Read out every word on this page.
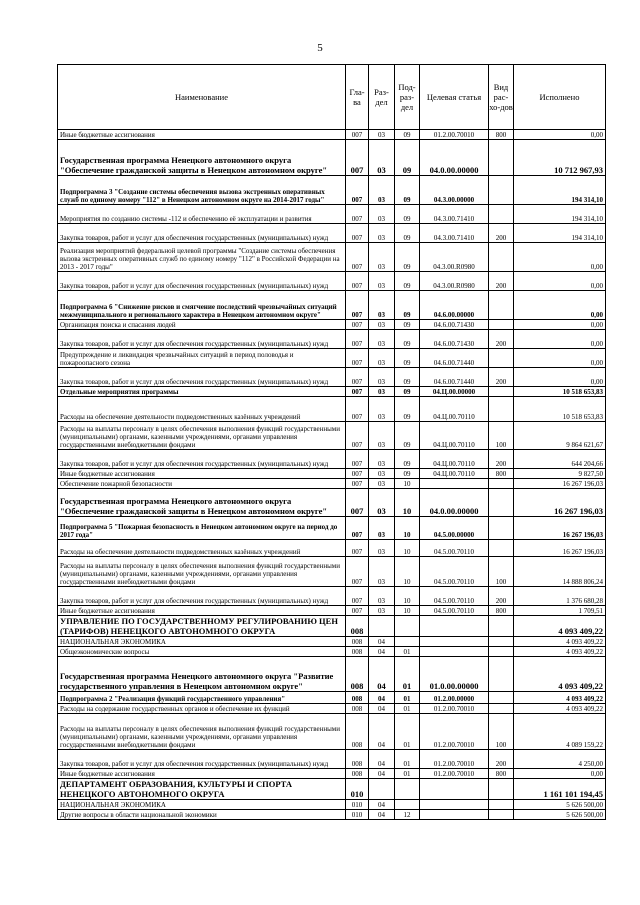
5
Наименование	Гла-ва	Раз-дел	Под-раз-дел	Целевая статья	Вид рас-хо-дов	Исполнено
Иные бюджетные ассигнования	007	03	09	01.2.00.70010	800	0,00
Государственная программа Ненецкого автономного округа "Обеспечение гражданской защиты в Ненецком автономном округе"	007	03	09	04.0.00.00000		10 712 967,93
Подпрограмма 3 "Создание системы обеспечения вызова экстренных оперативных служб по единому номеру "112" в Ненецком автономном округе на 2014-2017 годы"	007	03	09	04.3.00.00000		194 314,10
Мероприятия по созданию системы -112 и обеспечению её эксплуатации и развития	007	03	09	04.3.00.71410		194 314,10
Закупка товаров, работ и услуг для обеспечения государственных (муниципальных) нужд	007	03	09	04.3.00.71410	200	194 314,10
Реализация мероприятий федеральной целевой программы "Создание системы обеспечения вызова экстренных оперативных служб по единому номеру "112" в Российской Федерации на 2013 - 2017 годы"	007	03	09	04.3.00.R0980		0,00
Закупка товаров, работ и услуг для обеспечения государственных (муниципальных) нужд	007	03	09	04.3.00.R0980	200	0,00
Подпрограмма 6 "Снижение рисков и смягчение последствий чрезвычайных ситуаций межмуниципального и регионального характера в Ненецком автономном округе"	007	03	09	04.6.00.00000		0,00
Организация поиска и спасания людей	007	03	09	04.6.00.71430		0,00
Закупка товаров, работ и услуг для обеспечения государственных (муниципальных) нужд	007	03	09	04.6.00.71430	200	0,00
Предупреждение и ликвидация чрезвычайных ситуаций в период половодья и пожароопасного сезона	007	03	09	04.6.00.71440		0,00
Закупка товаров, работ и услуг для обеспечения государственных (муниципальных) нужд	007	03	09	04.6.00.71440	200	0,00
Отдельные мероприятия программы	007	03	09	04.Ц.00.00000		10 518 653,83
Расходы на обеспечение деятельности подведомственных казённых учреждений	007	03	09	04.Ц.00.70110		10 518 653,83
Расходы на выплаты персоналу в целях обеспечения выполнения функций государственными (муниципальными) органами, казенными учреждениями, органами управления государственными внебюджетными фондами	007	03	09	04.Ц.00.70110	100	9 864 621,67
Закупка товаров, работ и услуг для обеспечения государственных (муниципальных) нужд	007	03	09	04.Ц.00.70110	200	644 204,66
Иные бюджетные ассигнования	007	03	09	04.Ц.00.70110	800	9 827,50
Обеспечение пожарной безопасности	007	03	10			16 267 196,03
Государственная программа Ненецкого автономного округа "Обеспечение гражданской защиты в Ненецком автономном округе"	007	03	10	04.0.00.00000		16 267 196,03
Подпрограмма 5 "Пожарная безопасность в Ненецком автономном округе на период до 2017 года"	007	03	10	04.5.00.00000		16 267 196,03
Расходы на обеспечение деятельности подведомственных казённых учреждений	007	03	10	04.5.00.70110		16 267 196,03
Расходы на выплаты персоналу в целях обеспечения выполнения функций государственными (муниципальными) органами, казенными учреждениями, органами управления государственными внебюджетными фондами	007	03	10	04.5.00.70110	100	14 888 806,24
Закупка товаров, работ и услуг для обеспечения государственных (муниципальных) нужд	007	03	10	04.5.00.70110	200	1 376 680,28
Иные бюджетные ассигнования	007	03	10	04.5.00.70110	800	1 709,51
УПРАВЛЕНИЕ ПО ГОСУДАРСТВЕННОМУ РЕГУЛИРОВАНИЮ ЦЕН (ТАРИФОВ) НЕНЕЦКОГО АВТОНОМНОГО ОКРУГА	008					4 093 409,22
НАЦИОНАЛЬНАЯ ЭКОНОМИКА	008	04				4 093 409,22
Общеэкономические вопросы	008	04	01			4 093 409,22
Государственная программа Ненецкого автономного округа "Развитие государственного управления в Ненецком автономном округе"	008	04	01	01.0.00.00000		4 093 409,22
Подпрограмма 2 "Реализация функций государственного управления"	008	04	01	01.2.00.00000		4 093 409,22
Расходы на содержание государственных органов и обеспечение их функций	008	04	01	01.2.00.70010		4 093 409,22
Расходы на выплаты персоналу в целях обеспечения выполнения функций государственными (муниципальными) органами, казенными учреждениями, органами управления государственными внебюджетными фондами	008	04	01	01.2.00.70010	100	4 089 159,22
Закупка товаров, работ и услуг для обеспечения государственных (муниципальных) нужд	008	04	01	01.2.00.70010	200	4 250,00
Иные бюджетные ассигнования	008	04	01	01.2.00.70010	800	0,00
ДЕПАРТАМЕНТ ОБРАЗОВАНИЯ, КУЛЬТУРЫ И СПОРТА НЕНЕЦКОГО АВТОНОМНОГО ОКРУГА	010					1 161 101 194,45
НАЦИОНАЛЬНАЯ ЭКОНОМИКА	010	04				5 626 500,00
Другие вопросы в области национальной экономики	010	04	12			5 626 500,00
